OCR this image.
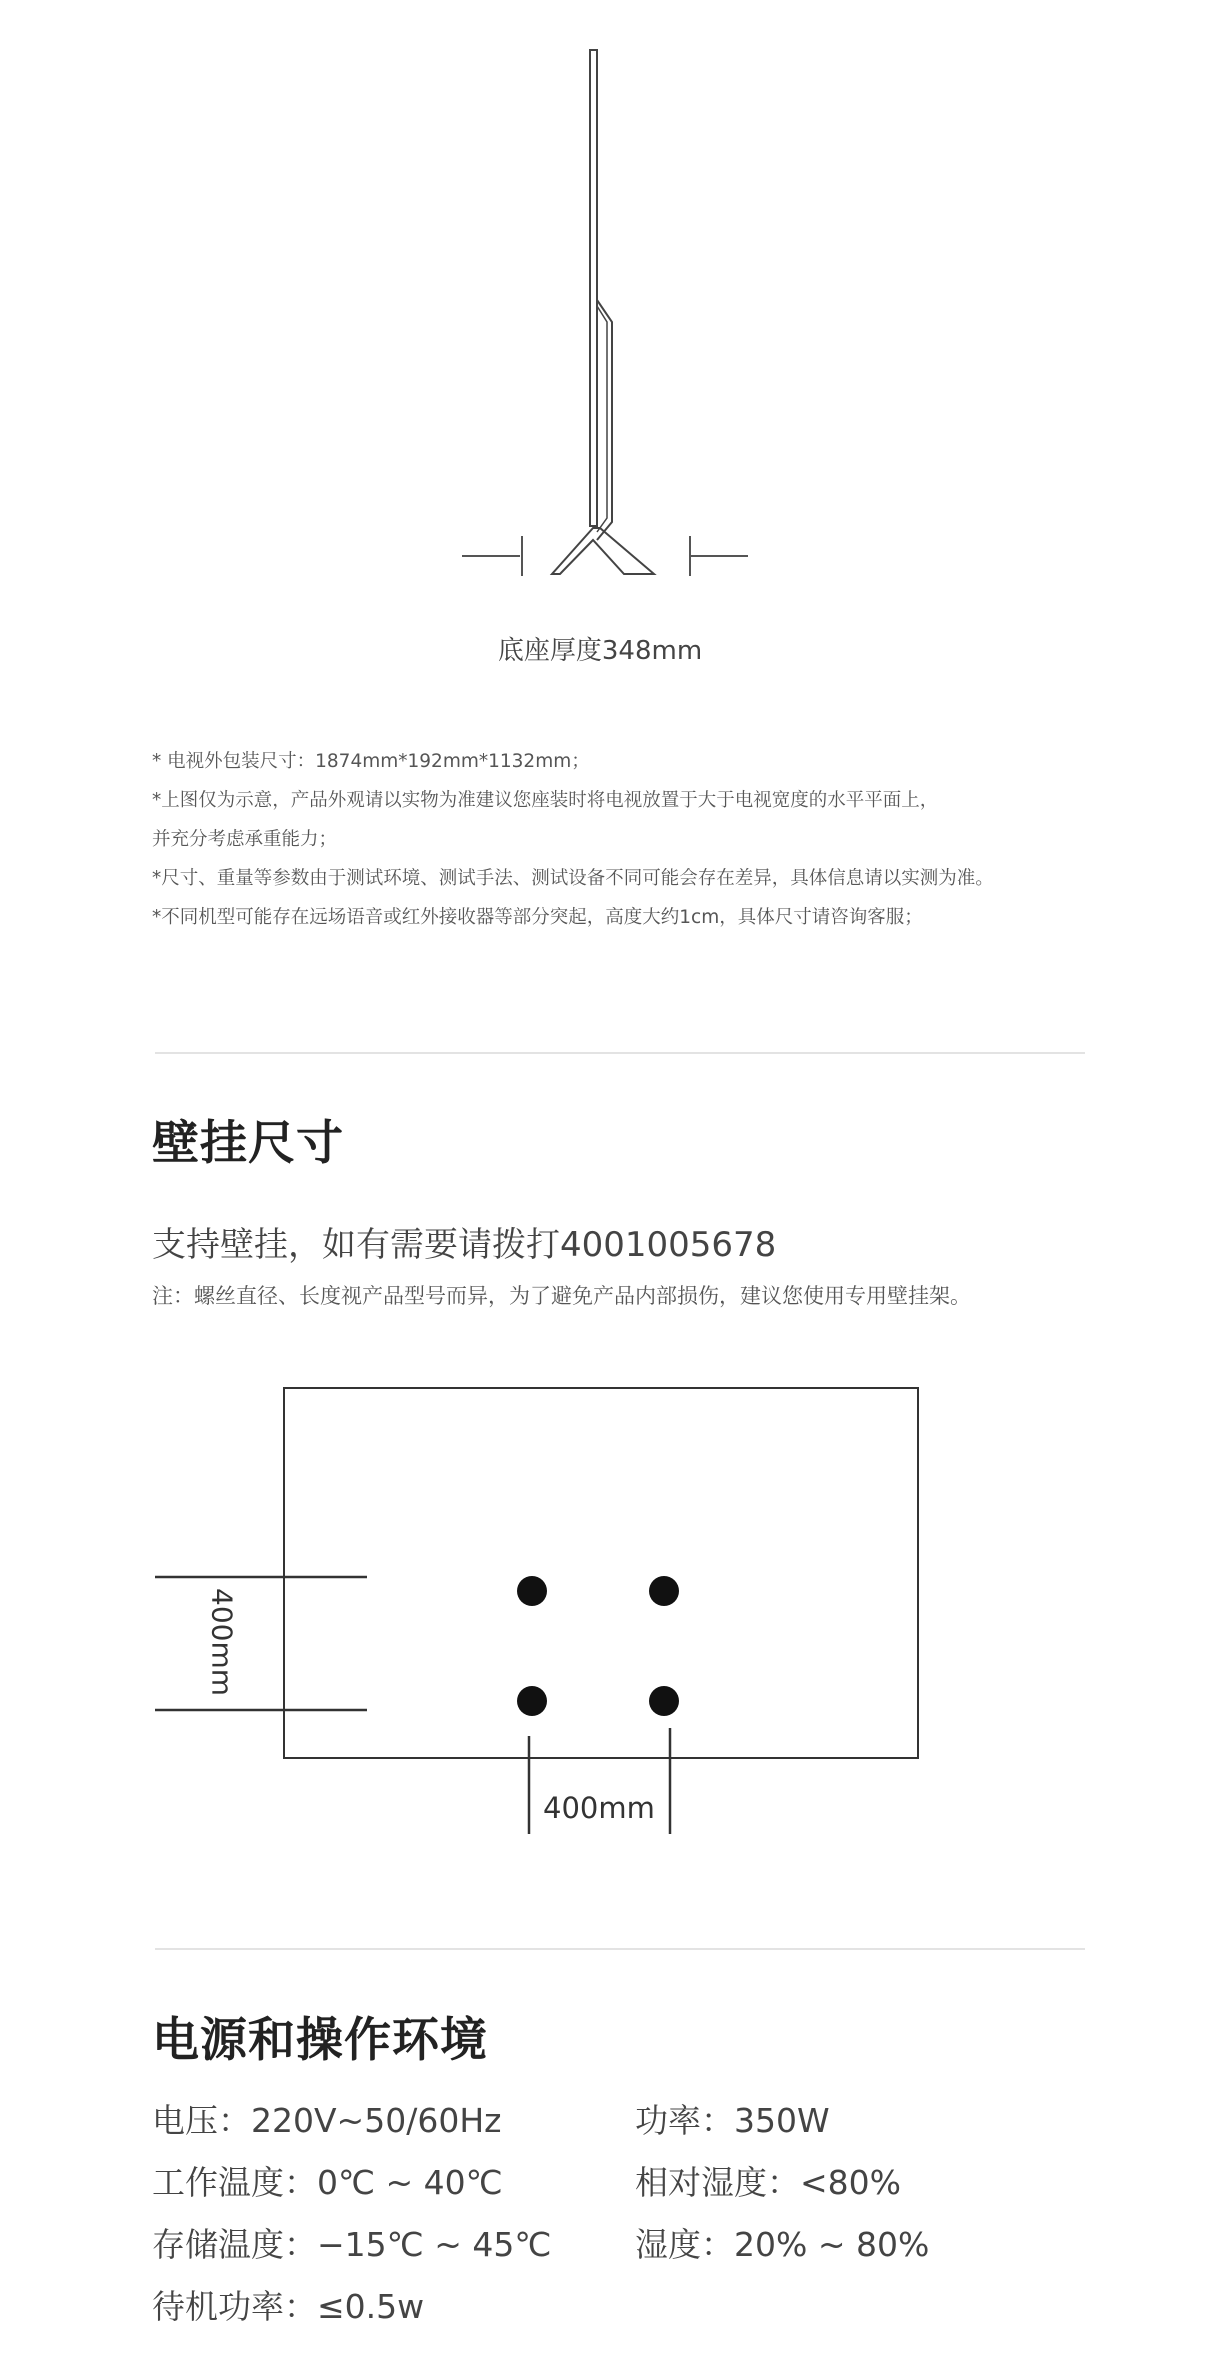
底座厚度348mm

* 电视外包装尺寸：1874mm*192mm*1132mm；

*上图仅为示意，产品外观请以实物为准建议您座装时将电视放置于大于电视宽度的水平平面上，

并充分考虑承重能力；

*尺寸、重量等参数由于测试环境、测试手法、测试设备不同可能会存在差异，具体信息请以实测为准。

*不同机型可能存在远场语音或红外接收器等部分突起，高度大约1cm，具体尺寸请咨询客服；

壁挂尺寸
支持壁挂，如有需要请拨打4001005678
注：螺丝直径、长度视产品型号而异，为了避免产品内部损伤，建议您使用专用壁挂架。
400mm
400mm
电源和操作环境
电压：220V~50/60Hz	功率：350W
工作温度：0℃ ~ 40℃	相对湿度：<80%
存储温度：−15℃ ~ 45℃	湿度：20% ~ 80%
待机功率：≤0.5w
